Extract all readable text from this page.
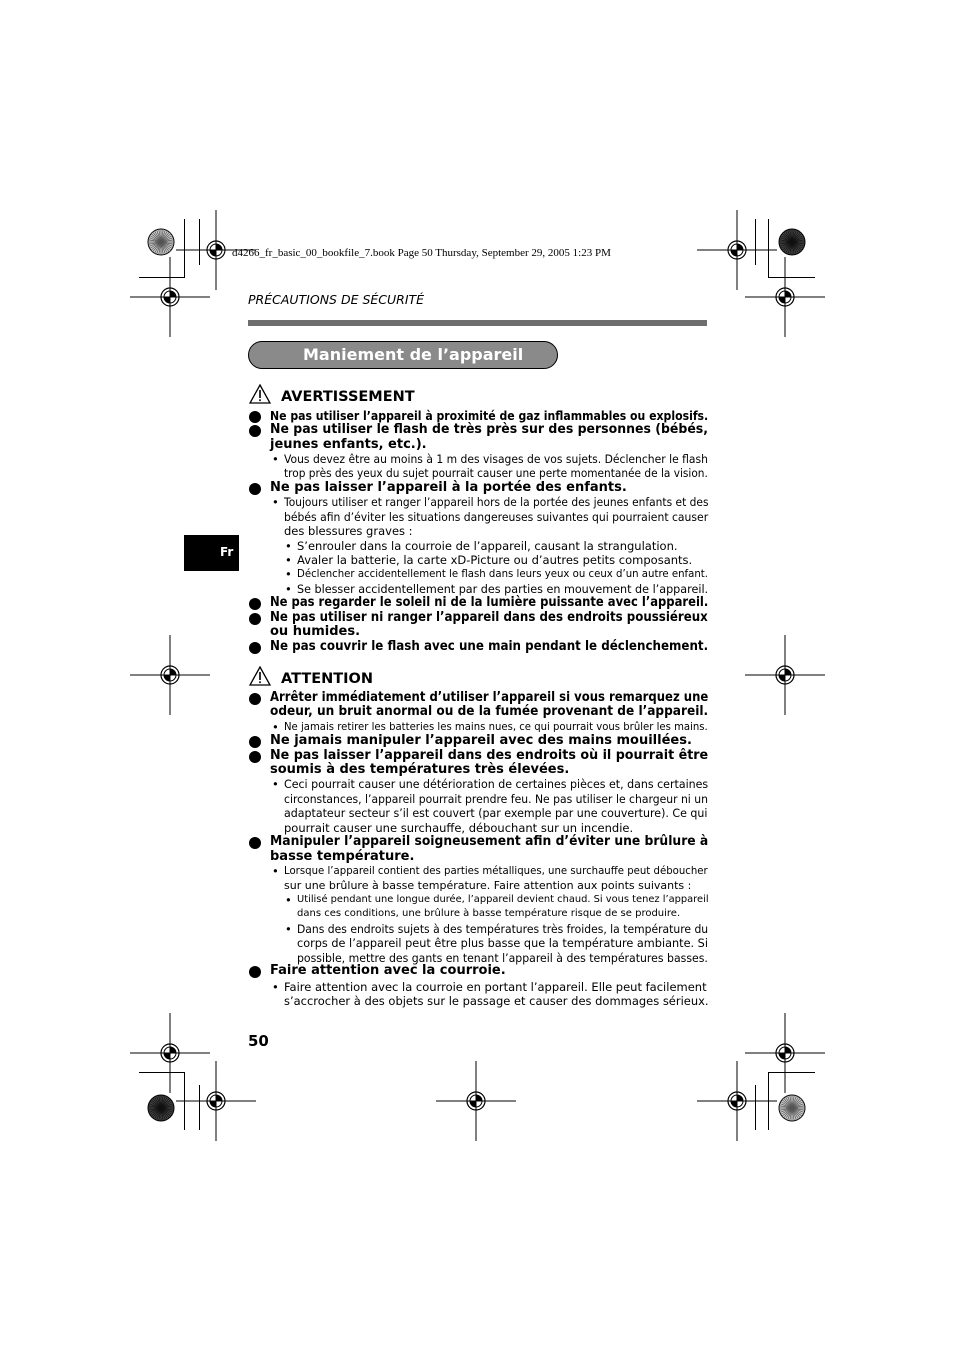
d4266_fr_basic_00_bookfile_7.book Page 50 Thursday, September 29, 2005 1:23 PM
PRÉCAUTIONS DE SÉCURITÉ
Maniement de l’appareil
Fr
AVERTISSEMENT
Ne pas utiliser l’appareil à proximité de gaz inflammables ou explosifs.
Ne pas utiliser le flash de très près sur des personnes (bébés,
jeunes enfants, etc.).
Ne pas laisser l’appareil à la portée des enfants.
Ne pas regarder le soleil ni de la lumière puissante avec l’appareil.
Ne pas utiliser ni ranger l’appareil dans des endroits poussiéreux
ou humides.
Ne pas couvrir le flash avec une main pendant le déclenchement.
• Vous devez être au moins à 1 m des visages de vos sujets. Déclencher le flash
trop près des yeux du sujet pourrait causer une perte momentanée de la vision.
• Toujours utiliser et ranger l’appareil hors de la portée des jeunes enfants et des
bébés afin d’éviter les situations dangereuses suivantes qui pourraient causer
des blessures graves :
• S’enrouler dans la courroie de l’appareil, causant la strangulation.
• Avaler la batterie, la carte xD-Picture ou d’autres petits composants.
• Déclencher accidentellement le flash dans leurs yeux ou ceux d’un autre enfant.
• Se blesser accidentellement par des parties en mouvement de l’appareil.
ATTENTION
Arrêter immédiatement d’utiliser l’appareil si vous remarquez une
odeur, un bruit anormal ou de la fumée provenant de l’appareil.
Ne jamais manipuler l’appareil avec des mains mouillées.
Ne pas laisser l’appareil dans des endroits où il pourrait être
soumis à des températures très élevées.
Manipuler l’appareil soigneusement afin d’éviter une brûlure à
basse température.
Faire attention avec la courroie.
• Ne jamais retirer les batteries les mains nues, ce qui pourrait vous brûler les mains.
• Ceci pourrait causer une détérioration de certaines pièces et, dans certaines
circonstances, l’appareil pourrait prendre feu. Ne pas utiliser le chargeur ni un
adaptateur secteur s’il est couvert (par exemple par une couverture). Ce qui
pourrait causer une surchauffe, débouchant sur un incendie.
• Lorsque l’appareil contient des parties métalliques, une surchauffe peut déboucher
sur une brûlure à basse température. Faire attention aux points suivants :
• Utilisé pendant une longue durée, l’appareil devient chaud. Si vous tenez l’appareil
dans ces conditions, une brûlure à basse température risque de se produire.
• Dans des endroits sujets à des températures très froides, la température du
corps de l’appareil peut être plus basse que la température ambiante. Si
possible, mettre des gants en tenant l’appareil à des températures basses.
• Faire attention avec la courroie en portant l’appareil. Elle peut facilement
s’accrocher à des objets sur le passage et causer des dommages sérieux.
50
